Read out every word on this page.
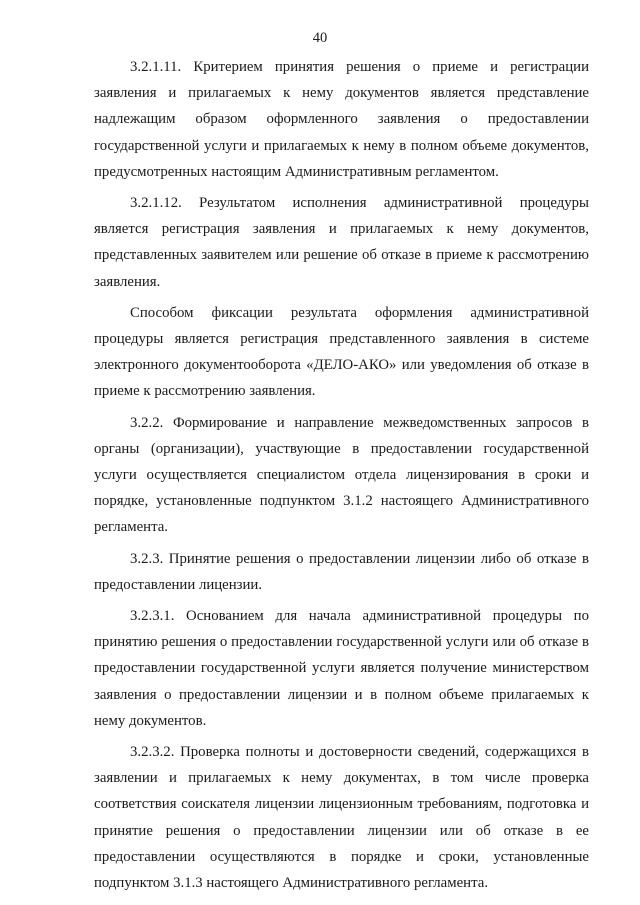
40

3.2.1.11. Критерием принятия решения о приеме и регистрации заявления и прилагаемых к нему документов является представление надлежащим образом оформленного заявления о предоставлении государственной услуги и прилагаемых к нему в полном объеме документов, предусмотренных настоящим Административным регламентом.

3.2.1.12. Результатом исполнения административной процедуры является регистрация заявления и прилагаемых к нему документов, представленных заявителем или решение об отказе в приеме к рассмотрению заявления.

Способом фиксации результата оформления административной процедуры является регистрация представленного заявления в системе электронного документооборота «ДЕЛО-АКО» или уведомления об отказе в приеме к рассмотрению заявления.

3.2.2. Формирование и направление межведомственных запросов в органы (организации), участвующие в предоставлении государственной услуги осуществляется специалистом отдела лицензирования в сроки и порядке, установленные подпунктом 3.1.2 настоящего Административного регламента.

3.2.3. Принятие решения о предоставлении лицензии либо об отказе в предоставлении лицензии.

3.2.3.1. Основанием для начала административной процедуры по принятию решения о предоставлении государственной услуги или об отказе в предоставлении государственной услуги является получение министерством заявления о предоставлении лицензии и в полном объеме прилагаемых к нему документов.

3.2.3.2. Проверка полноты и достоверности сведений, содержащихся в заявлении и прилагаемых к нему документах, в том числе проверка соответствия соискателя лицензии лицензионным требованиям, подготовка и принятие решения о предоставлении лицензии или об отказе в ее предоставлении осуществляются в порядке и сроки, установленные подпунктом 3.1.3 настоящего Административного регламента.
